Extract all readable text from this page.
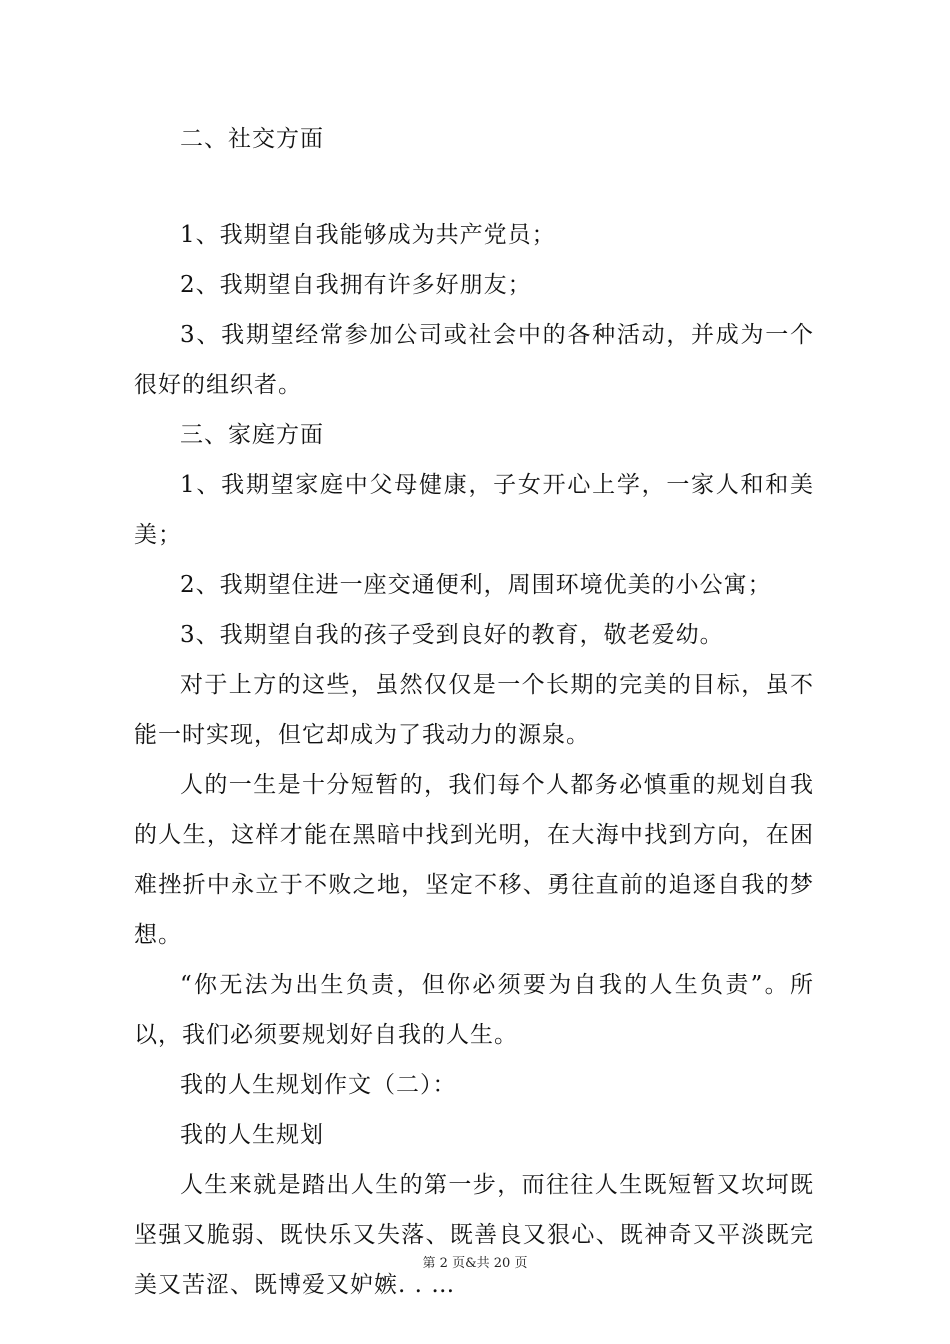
二、社交方面

1、我期望自我能够成为共产党员；

2、我期望自我拥有许多好朋友；

3、我期望经常参加公司或社会中的各种活动，并成为一个很好的组织者。

三、家庭方面

1、我期望家庭中父母健康，子女开心上学，一家人和和美美；

2、我期望住进一座交通便利，周围环境优美的小公寓；

3、我期望自我的孩子受到良好的教育，敬老爱幼。

对于上方的这些，虽然仅仅是一个长期的完美的目标，虽不能一时实现，但它却成为了我动力的源泉。

人的一生是十分短暂的，我们每个人都务必慎重的规划自我的人生，这样才能在黑暗中找到光明，在大海中找到方向，在困难挫折中永立于不败之地，坚定不移、勇往直前的追逐自我的梦想。

“你无法为出生负责，但你必须要为自我的人生负责”。所以，我们必须要规划好自我的人生。

我的人生规划作文（二）：

我的人生规划

人生来就是踏出人生的第一步，而往往人生既短暂又坎坷既坚强又脆弱、既快乐又失落、既善良又狠心、既神奇又平淡既完美又苦涩、既博爱又妒嫉. . …

第 2 页&共 20 页
